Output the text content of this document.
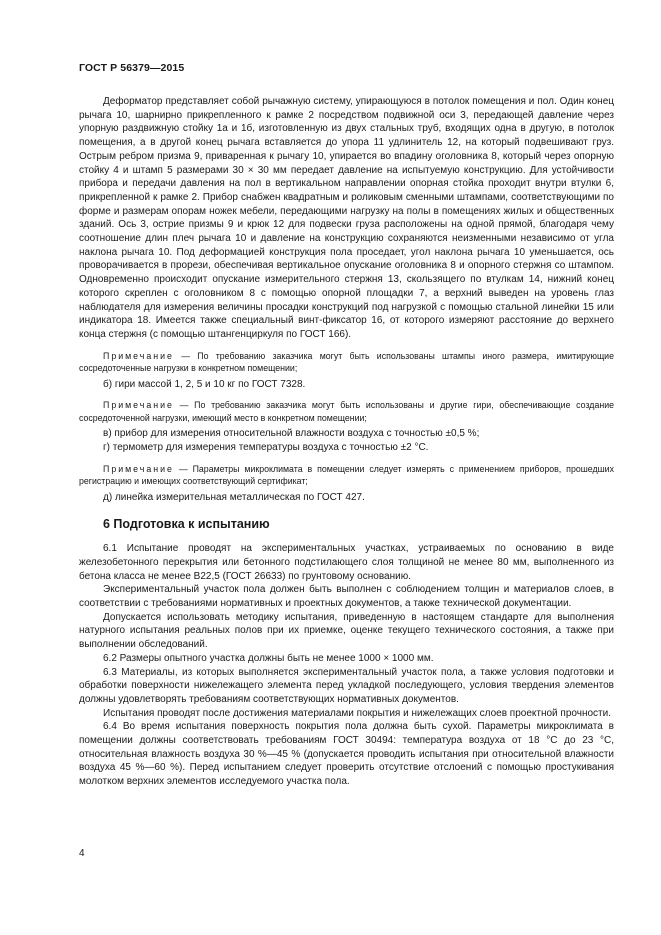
ГОСТ Р 56379—2015

Деформатор представляет собой рычажную систему, упирающуюся в потолок помещения и пол. Один конец рычага 10, шарнирно прикрепленного к рамке 2 посредством подвижной оси 3, передающей давление через упорную раздвижную стойку 1а и 1б, изготовленную из двух стальных труб, входящих одна в другую, в потолок помещения, а в другой конец рычага вставляется до упора 11 удлинитель 12, на который подвешивают груз. Острым ребром призма 9, приваренная к рычагу 10, упирается во впадину оголовника 8, который через опорную стойку 4 и штамп 5 размерами 30 × 30 мм передает давление на испытуемую конструкцию. Для устойчивости прибора и передачи давления на пол в вертикальном направлении опорная стойка проходит внутри втулки 6, прикрепленной к рамке 2. Прибор снабжен квадратным и роликовым сменными штампами, соответствующими по форме и размерам опорам ножек мебели, передающими нагрузку на полы в помещениях жилых и общественных зданий. Ось 3, острие призмы 9 и крюк 12 для подвески груза расположены на одной прямой, благодаря чему соотношение длин плеч рычага 10 и давление на конструкцию сохраняются неизменными независимо от угла наклона рычага 10. Под деформацией конструкция пола проседает, угол наклона рычага 10 уменьшается, ось проворачивается в прорези, обеспечивая вертикальное опускание оголовника 8 и опорного стержня со штампом. Одновременно происходит опускание измерительного стержня 13, скользящего по втулкам 14, нижний конец которого скреплен с оголовником 8 с помощью опорной площадки 7, а верхний выведен на уровень глаз наблюдателя для измерения величины просадки конструкций под нагрузкой с помощью стальной линейки 15 или индикатора 18. Имеется также специальный винт-фиксатор 16, от которого измеряют расстояние до верхнего конца стержня (с помощью штангенциркуля по ГОСТ 166).

Примечание — По требованию заказчика могут быть использованы штампы иного размера, имитирующие сосредоточенные нагрузки в конкретном помещении;

б) гири массой 1, 2, 5 и 10 кг по ГОСТ 7328.

Примечание — По требованию заказчика могут быть использованы и другие гири, обеспечивающие создание сосредоточенной нагрузки, имеющий место в конкретном помещении;

в) прибор для измерения относительной влажности воздуха с точностью ±0,5 %;

г) термометр для измерения температуры воздуха с точностью ±2 °С.

Примечание — Параметры микроклимата в помещении следует измерять с применением приборов, прошедших регистрацию и имеющих соответствующий сертификат;

д) линейка измерительная металлическая по ГОСТ 427.

6 Подготовка к испытанию

6.1 Испытание проводят на экспериментальных участках, устраиваемых по основанию в виде железобетонного перекрытия или бетонного подстилающего слоя толщиной не менее 80 мм, выполненного из бетона класса не менее В22,5 (ГОСТ 26633) по грунтовому основанию.

Экспериментальный участок пола должен быть выполнен с соблюдением толщин и материалов слоев, в соответствии с требованиями нормативных и проектных документов, а также технической документации.

Допускается использовать методику испытания, приведенную в настоящем стандарте для выполнения натурного испытания реальных полов при их приемке, оценке текущего технического состояния, а также при выполнении обследований.

6.2 Размеры опытного участка должны быть не менее 1000 × 1000 мм.

6.3 Материалы, из которых выполняется экспериментальный участок пола, а также условия подготовки и обработки поверхности нижележащего элемента перед укладкой последующего, условия твердения элементов должны удовлетворять требованиям соответствующих нормативных документов.

Испытания проводят после достижения материалами покрытия и нижележащих слоев проектной прочности.

6.4 Во время испытания поверхность покрытия пола должна быть сухой. Параметры микроклимата в помещении должны соответствовать требованиям ГОСТ 30494: температура воздуха от 18 °С до 23 °С, относительная влажность воздуха 30 %—45 % (допускается проводить испытания при относительной влажности воздуха 45 %—60 %). Перед испытанием следует проверить отсутствие отслоений с помощью простукивания молотком верхних элементов исследуемого участка пола.

4
